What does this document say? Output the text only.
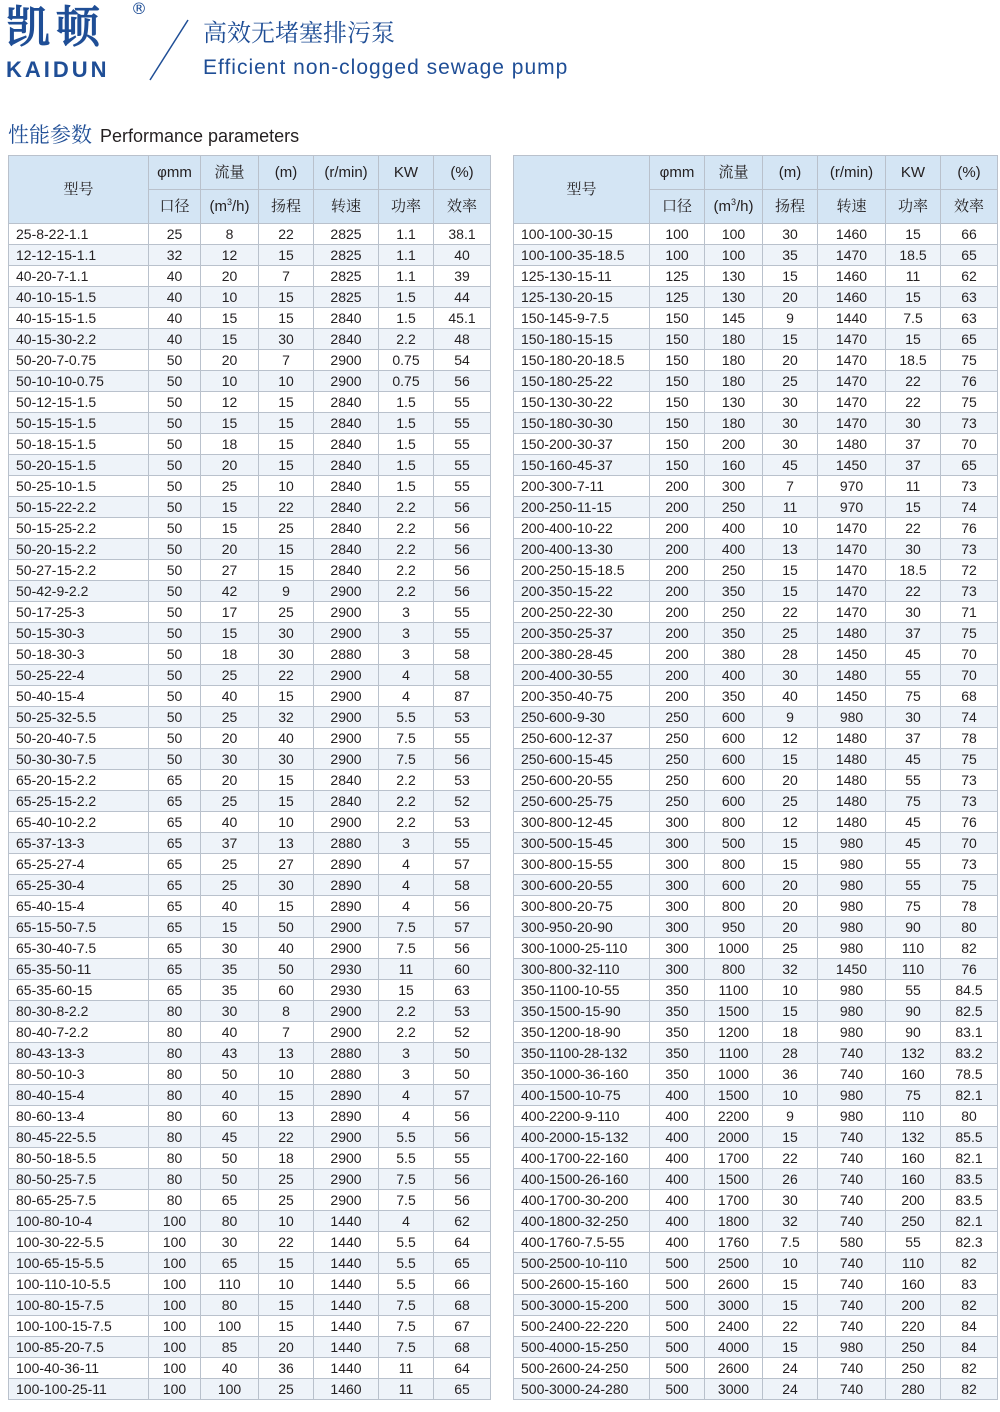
凯顿 ®
KAIDUN
高效无堵塞排污泵
Efficient non-clogged sewage pump
性能参数 Performance parameters
型号	φmm	流量	(m)	(r/min)	KW	(%)
	口径	$(m^3/h)$	扬程	转速	功率	效率
25-8-22-1.1	25	8	22	2825	1.1	38.1
12-12-15-1.1	32	12	15	2825	1.1	40
40-20-7-1.1	40	20	7	2825	1.1	39
40-10-15-1.5	40	10	15	2825	1.5	44
40-15-15-1.5	40	15	15	2840	1.5	45.1
40-15-30-2.2	40	15	30	2840	2.2	48
50-20-7-0.75	50	20	7	2900	0.75	54
50-10-10-0.75	50	10	10	2900	0.75	56
50-12-15-1.5	50	12	15	2840	1.5	55
50-15-15-1.5	50	15	15	2840	1.5	55
50-18-15-1.5	50	18	15	2840	1.5	55
50-20-15-1.5	50	20	15	2840	1.5	55
50-25-10-1.5	50	25	10	2840	1.5	55
50-15-22-2.2	50	15	22	2840	2.2	56
50-15-25-2.2	50	15	25	2840	2.2	56
50-20-15-2.2	50	20	15	2840	2.2	56
50-27-15-2.2	50	27	15	2840	2.2	56
50-42-9-2.2	50	42	9	2900	2.2	56
50-17-25-3	50	17	25	2900	3	55
50-15-30-3	50	15	30	2900	3	55
50-18-30-3	50	18	30	2880	3	58
50-25-22-4	50	25	22	2900	4	58
50-40-15-4	50	40	15	2900	4	87
50-25-32-5.5	50	25	32	2900	5.5	53
50-20-40-7.5	50	20	40	2900	7.5	55
50-30-30-7.5	50	30	30	2900	7.5	56
65-20-15-2.2	65	20	15	2840	2.2	53
65-25-15-2.2	65	25	15	2840	2.2	52
65-40-10-2.2	65	40	10	2900	2.2	53
65-37-13-3	65	37	13	2880	3	55
65-25-27-4	65	25	27	2890	4	57
65-25-30-4	65	25	30	2890	4	58
65-40-15-4	65	40	15	2890	4	56
65-15-50-7.5	65	15	50	2900	7.5	57
65-30-40-7.5	65	30	40	2900	7.5	56
65-35-50-11	65	35	50	2930	11	60
65-35-60-15	65	35	60	2930	15	63
80-30-8-2.2	80	30	8	2900	2.2	53
80-40-7-2.2	80	40	7	2900	2.2	52
80-43-13-3	80	43	13	2880	3	50
80-50-10-3	80	50	10	2880	3	50
80-40-15-4	80	40	15	2890	4	57
80-60-13-4	80	60	13	2890	4	56
80-45-22-5.5	80	45	22	2900	5.5	56
80-50-18-5.5	80	50	18	2900	5.5	55
80-50-25-7.5	80	50	25	2900	7.5	56
80-65-25-7.5	80	65	25	2900	7.5	56
100-80-10-4	100	80	10	1440	4	62
100-30-22-5.5	100	30	22	1440	5.5	64
100-65-15-5.5	100	65	15	1440	5.5	65
100-110-10-5.5	100	110	10	1440	5.5	66
100-80-15-7.5	100	80	15	1440	7.5	68
100-100-15-7.5	100	100	15	1440	7.5	67
100-85-20-7.5	100	85	20	1440	7.5	68
100-40-36-11	100	40	36	1440	11	64
100-100-25-11	100	100	25	1460	11	65
型号	φmm	流量	(m)	(r/min)	KW	(%)
	口径	$(m^3/h)$	扬程	转速	功率	效率
100-100-30-15	100	100	30	1460	15	66
100-100-35-18.5	100	100	35	1470	18.5	65
125-130-15-11	125	130	15	1460	11	62
125-130-20-15	125	130	20	1460	15	63
150-145-9-7.5	150	145	9	1440	7.5	63
150-180-15-15	150	180	15	1470	15	65
150-180-20-18.5	150	180	20	1470	18.5	75
150-180-25-22	150	180	25	1470	22	76
150-130-30-22	150	130	30	1470	22	75
150-180-30-30	150	180	30	1470	30	73
150-200-30-37	150	200	30	1480	37	70
150-160-45-37	150	160	45	1450	37	65
200-300-7-11	200	300	7	970	11	73
200-250-11-15	200	250	11	970	15	74
200-400-10-22	200	400	10	1470	22	76
200-400-13-30	200	400	13	1470	30	73
200-250-15-18.5	200	250	15	1470	18.5	72
200-350-15-22	200	350	15	1470	22	73
200-250-22-30	200	250	22	1470	30	71
200-350-25-37	200	350	25	1480	37	75
200-380-28-45	200	380	28	1450	45	70
200-400-30-55	200	400	30	1480	55	70
200-350-40-75	200	350	40	1450	75	68
250-600-9-30	250	600	9	980	30	74
250-600-12-37	250	600	12	1480	37	78
250-600-15-45	250	600	15	1480	45	75
250-600-20-55	250	600	20	1480	55	73
250-600-25-75	250	600	25	1480	75	73
300-800-12-45	300	800	12	1480	45	76
300-500-15-45	300	500	15	980	45	70
300-800-15-55	300	800	15	980	55	73
300-600-20-55	300	600	20	980	55	75
300-800-20-75	300	800	20	980	75	78
300-950-20-90	300	950	20	980	90	80
300-1000-25-110	300	1000	25	980	110	82
300-800-32-110	300	800	32	1450	110	76
350-1100-10-55	350	1100	10	980	55	84.5
350-1500-15-90	350	1500	15	980	90	82.5
350-1200-18-90	350	1200	18	980	90	83.1
350-1100-28-132	350	1100	28	740	132	83.2
350-1000-36-160	350	1000	36	740	160	78.5
400-1500-10-75	400	1500	10	980	75	82.1
400-2200-9-110	400	2200	9	980	110	80
400-2000-15-132	400	2000	15	740	132	85.5
400-1700-22-160	400	1700	22	740	160	82.1
400-1500-26-160	400	1500	26	740	160	83.5
400-1700-30-200	400	1700	30	740	200	83.5
400-1800-32-250	400	1800	32	740	250	82.1
400-1760-7.5-55	400	1760	7.5	580	55	82.3
500-2500-10-110	500	2500	10	740	110	82
500-2600-15-160	500	2600	15	740	160	83
500-3000-15-200	500	3000	15	740	200	82
500-2400-22-220	500	2400	22	740	220	84
500-4000-15-250	500	4000	15	980	250	84
500-2600-24-250	500	2600	24	740	250	82
500-3000-24-280	500	3000	24	740	280	82
